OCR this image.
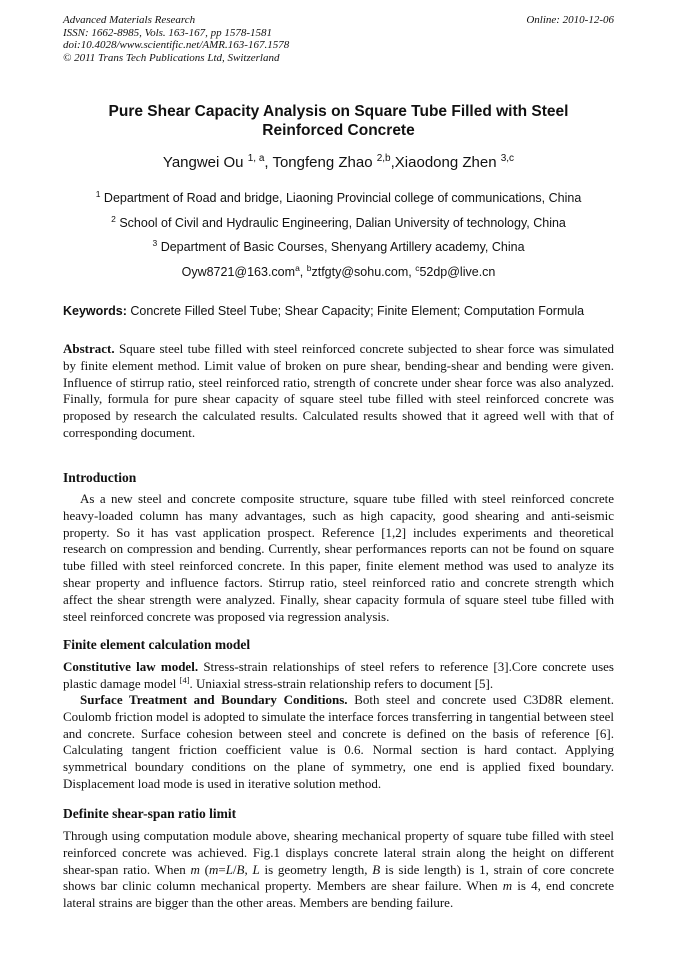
Advanced Materials Research
ISSN: 1662-8985, Vols. 163-167, pp 1578-1581
doi:10.4028/www.scientific.net/AMR.163-167.1578
© 2011 Trans Tech Publications Ltd, Switzerland
Online: 2010-12-06
Pure Shear Capacity Analysis on Square Tube Filled with Steel
Reinforced Concrete
Yangwei Ou $^{1, a}$, Tongfeng Zhao $^{2,b}$,Xiaodong Zhen $^{3,c}$
$^1$ Department of Road and bridge, Liaoning Provincial college of communications, China
$^2$ School of Civil and Hydraulic Engineering, Dalian University of technology, China
$^3$ Department of Basic Courses, Shenyang Artillery academy, China
Oyw8721@163.com$^a$, $^b$ztfgty@sohu.com, $^c$52dp@live.cn
Keywords: Concrete Filled Steel Tube; Shear Capacity; Finite Element; Computation Formula
Abstract. Square steel tube filled with steel reinforced concrete subjected to shear force was simulated by finite element method. Limit value of broken on pure shear, bending-shear and bending were given. Influence of stirrup ratio, steel reinforced ratio, strength of concrete under shear force was also analyzed. Finally, formula for pure shear capacity of square steel tube filled with steel reinforced concrete was proposed by research the calculated results. Calculated results showed that it agreed well with that of corresponding document.
Introduction
As a new steel and concrete composite structure, square tube filled with steel reinforced concrete heavy-loaded column has many advantages, such as high capacity, good shearing and anti-seismic property. So it has vast application prospect. Reference [1,2] includes experiments and theoretical research on compression and bending. Currently, shear performances reports can not be found on square tube filled with steel reinforced concrete. In this paper, finite element method was used to analyze its shear property and influence factors. Stirrup ratio, steel reinforced ratio and concrete strength which affect the shear strength were analyzed. Finally, shear capacity formula of square steel tube filled with steel reinforced concrete was proposed via regression analysis.
Finite element calculation model
Constitutive law model. Stress-strain relationships of steel refers to reference [3].Core concrete uses plastic damage model [4]. Uniaxial stress-strain relationship refers to document [5].
Surface Treatment and Boundary Conditions. Both steel and concrete used C3D8R element. Coulomb friction model is adopted to simulate the interface forces transferring in tangential between steel and concrete. Surface cohesion between steel and concrete is defined on the basis of reference [6]. Calculating tangent friction coefficient value is 0.6. Normal section is hard contact. Applying symmetrical boundary conditions on the plane of symmetry, one end is applied fixed boundary. Displacement load mode is used in iterative solution method.
Definite shear-span ratio limit
Through using computation module above, shearing mechanical property of square tube filled with steel reinforced concrete was achieved. Fig.1 displays concrete lateral strain along the height on different shear-span ratio. When m (m=L/B, L is geometry length, B is side length) is 1, strain of core concrete shows bar clinic column mechanical property. Members are shear failure. When m is 4, end concrete lateral strains are bigger than the other areas. Members are bending failure.
